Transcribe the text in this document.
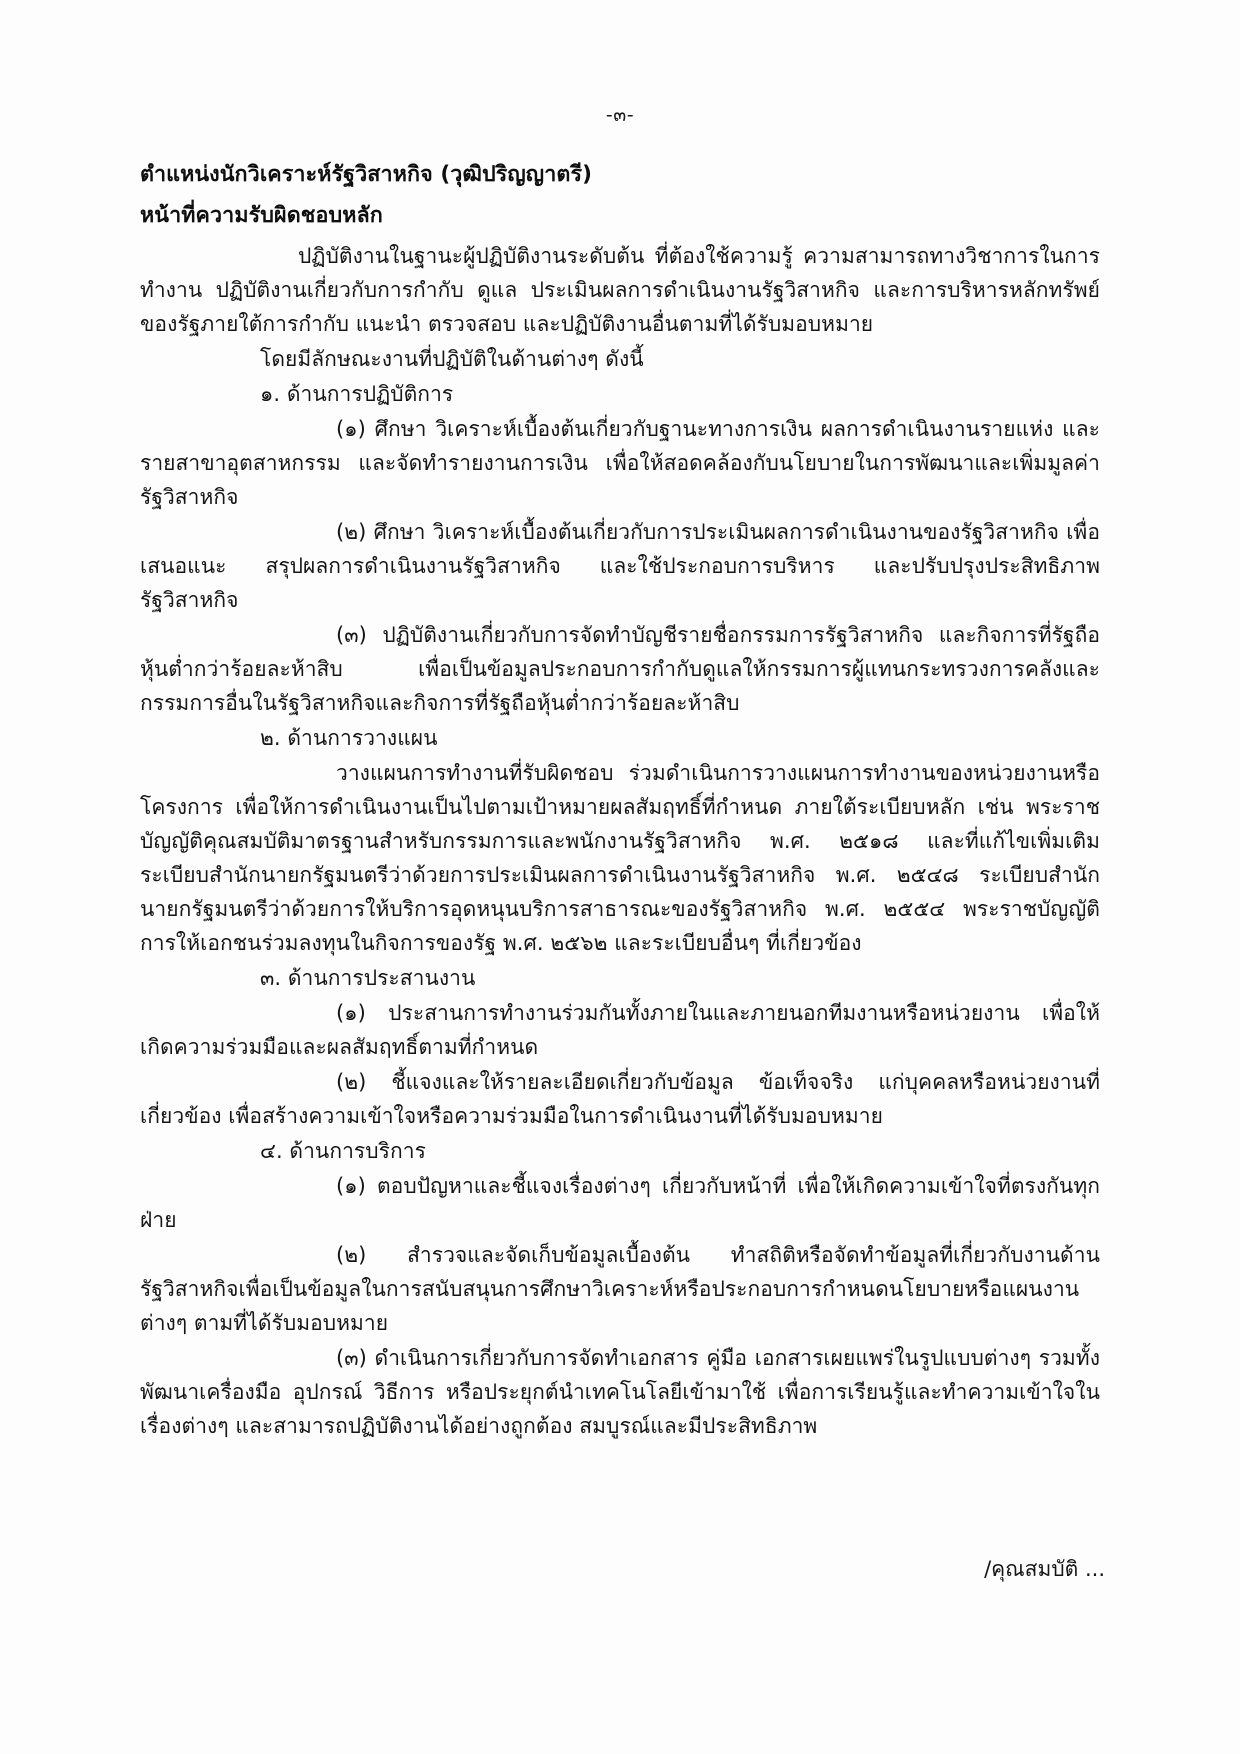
-๓-
ตำแหน่งนักวิเคราะห์รัฐวิสาหกิจ (วุฒิปริญญาตรี)
หน้าที่ความรับผิดชอบหลัก

ปฏิบัติงานในฐานะผู้ปฏิบัติงานระดับต้น ที่ต้องใช้ความรู้ ความสามารถทางวิชาการในการทำงาน ปฏิบัติงานเกี่ยวกับการกำกับ ดูแล ประเมินผลการดำเนินงานรัฐวิสาหกิจ และการบริหารหลักทรัพย์ของรัฐภายใต้การกำกับ แนะนำ ตรวจสอบ และปฏิบัติงานอื่นตามที่ได้รับมอบหมาย

โดยมีลักษณะงานที่ปฏิบัติในด้านต่างๆ ดังนี้

๑. ด้านการปฏิบัติการ

(๑) ศึกษา วิเคราะห์เบื้องต้นเกี่ยวกับฐานะทางการเงิน ผลการดำเนินงานรายแห่ง และรายสาขาอุตสาหกรรม และจัดทำรายงานการเงิน เพื่อให้สอดคล้องกับนโยบายในการพัฒนาและเพิ่มมูลค่ารัฐวิสาหกิจ

(๒) ศึกษา วิเคราะห์เบื้องต้นเกี่ยวกับการประเมินผลการดำเนินงานของรัฐวิสาหกิจ เพื่อเสนอแนะ สรุปผลการดำเนินงานรัฐวิสาหกิจ และใช้ประกอบการบริหาร และปรับปรุงประสิทธิภาพรัฐวิสาหกิจ

(๓) ปฏิบัติงานเกี่ยวกับการจัดทำบัญชีรายชื่อกรรมการรัฐวิสาหกิจ และกิจการที่รัฐถือหุ้นต่ำกว่าร้อยละห้าสิบ เพื่อเป็นข้อมูลประกอบการกำกับดูแลให้กรรมการผู้แทนกระทรวงการคลังและกรรมการอื่นในรัฐวิสาหกิจและกิจการที่รัฐถือหุ้นต่ำกว่าร้อยละห้าสิบ

๒. ด้านการวางแผน

วางแผนการทำงานที่รับผิดชอบ ร่วมดำเนินการวางแผนการทำงานของหน่วยงานหรือโครงการ เพื่อให้การดำเนินงานเป็นไปตามเป้าหมายผลสัมฤทธิ์ที่กำหนด ภายใต้ระเบียบหลัก เช่น พระราชบัญญัติคุณสมบัติมาตรฐานสำหรับกรรมการและพนักงานรัฐวิสาหกิจ พ.ศ. ๒๕๑๘ และที่แก้ไขเพิ่มเติม ระเบียบสำนักนายกรัฐมนตรีว่าด้วยการประเมินผลการดำเนินงานรัฐวิสาหกิจ พ.ศ. ๒๕๔๘ ระเบียบสำนักนายกรัฐมนตรีว่าด้วยการให้บริการอุดหนุนบริการสาธารณะของรัฐวิสาหกิจ พ.ศ. ๒๕๕๔ พระราชบัญญัติการให้เอกชนร่วมลงทุนในกิจการของรัฐ พ.ศ. ๒๕๖๒ และระเบียบอื่นๆ ที่เกี่ยวข้อง

๓. ด้านการประสานงาน

(๑) ประสานการทำงานร่วมกันทั้งภายในและภายนอกทีมงานหรือหน่วยงาน เพื่อให้เกิดความร่วมมือและผลสัมฤทธิ์ตามที่กำหนด

(๒) ชี้แจงและให้รายละเอียดเกี่ยวกับข้อมูล ข้อเท็จจริง แก่บุคคลหรือหน่วยงานที่เกี่ยวข้อง เพื่อสร้างความเข้าใจหรือความร่วมมือในการดำเนินงานที่ได้รับมอบหมาย

๔. ด้านการบริการ

(๑) ตอบปัญหาและชี้แจงเรื่องต่างๆ เกี่ยวกับหน้าที่ เพื่อให้เกิดความเข้าใจที่ตรงกันทุกฝ่าย

(๒) สำรวจและจัดเก็บข้อมูลเบื้องต้น ทำสถิติหรือจัดทำข้อมูลที่เกี่ยวกับงานด้านรัฐวิสาหกิจเพื่อเป็นข้อมูลในการสนับสนุนการศึกษาวิเคราะห์หรือประกอบการกำหนดนโยบายหรือแผนงานต่างๆ ตามที่ได้รับมอบหมาย

(๓) ดำเนินการเกี่ยวกับการจัดทำเอกสาร คู่มือ เอกสารเผยแพร่ในรูปแบบต่างๆ รวมทั้งพัฒนาเครื่องมือ อุปกรณ์ วิธีการ หรือประยุกต์นำเทคโนโลยีเข้ามาใช้ เพื่อการเรียนรู้และทำความเข้าใจในเรื่องต่างๆ และสามารถปฏิบัติงานได้อย่างถูกต้อง สมบูรณ์และมีประสิทธิภาพ

/คุณสมบัติ ...
